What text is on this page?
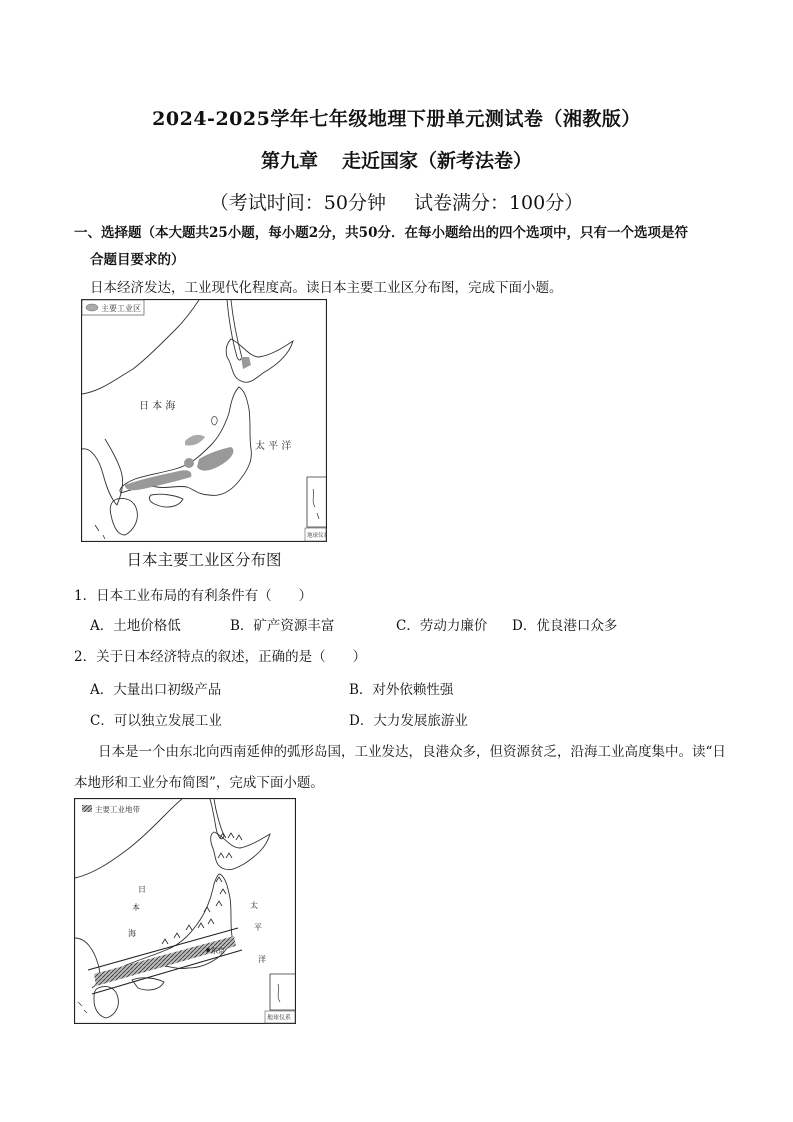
2024-2025学年七年级地理下册单元测试卷（湘教版）
第九章 走近国家（新考法卷）
（考试时间：50分钟 试卷满分：100分）
一、选择题（本大题共25小题，每小题2分，共50分．在每小题给出的四个选项中，只有一个选项是符
合题目要求的）
日本经济发达，工业现代化程度高。读日本主要工业区分布图，完成下面小题。
主要工业区
地球仪系
日 本 海
太 平 洋
日本主要工业区分布图
1．日本工业布局的有利条件有（　　）
A．土地价格低	B．矿产资源丰富	C．劳动力廉价 D．优良港口众多
2．关于日本经济特点的叙述，正确的是（　　）
A．大量出口初级产品	B．对外依赖性强
C．可以独立发展工业	D．大力发展旅游业
日本是一个由东北向西南延伸的弧形岛国，工业发达，良港众多，但资源贫乏，沿海工业高度集中。读“日本地形和工业分布简图”，完成下面小题。
主要工业地带
东京
日
本
海
太
平
洋
地球仪系
